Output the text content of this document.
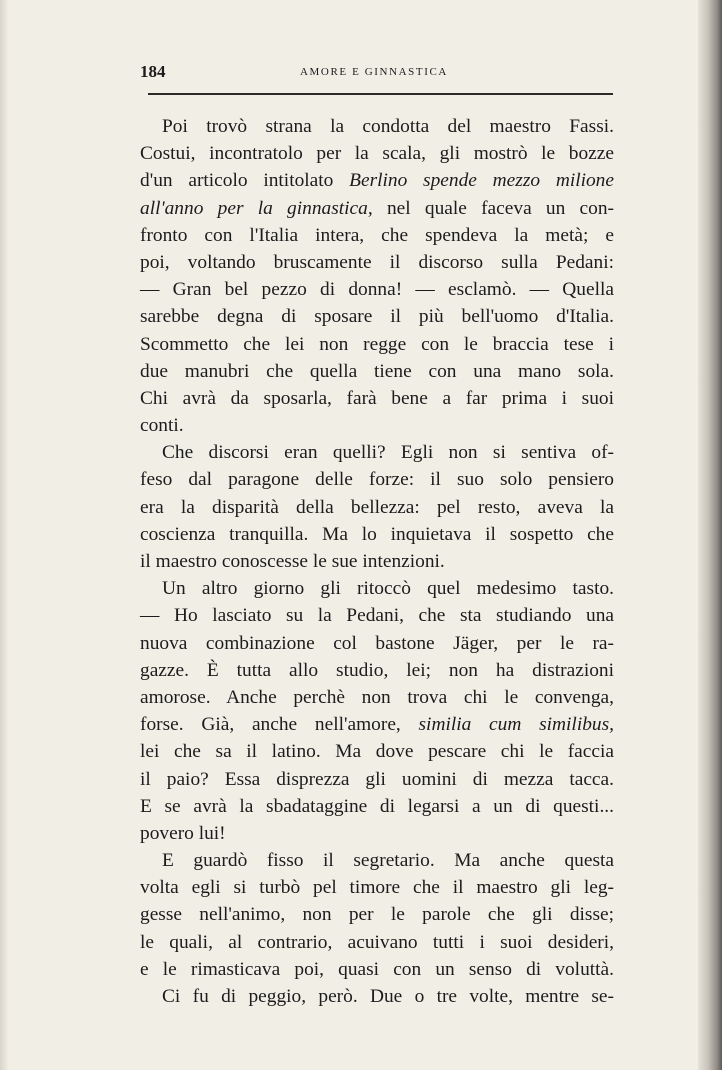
184	AMORE E GINNASTICA
Poi trovò strana la condotta del maestro Fassi.
Costui, incontratolo per la scala, gli mostrò le bozze
d'un articolo intitolato Berlino spende mezzo milione
all'anno per la ginnastica, nel quale faceva un con-
fronto con l'Italia intera, che spendeva la metà; e
poi, voltando bruscamente il discorso sulla Pedani:
— Gran bel pezzo di donna! — esclamò. — Quella
sarebbe degna di sposare il più bell'uomo d'Italia.
Scommetto che lei non regge con le braccia tese i
due manubri che quella tiene con una mano sola.
Chi avrà da sposarla, farà bene a far prima i suoi
conti.
Che discorsi eran quelli? Egli non si sentiva of-
feso dal paragone delle forze: il suo solo pensiero
era la disparità della bellezza: pel resto, aveva la
coscienza tranquilla. Ma lo inquietava il sospetto che
il maestro conoscesse le sue intenzioni.
Un altro giorno gli ritoccò quel medesimo tasto.
— Ho lasciato su la Pedani, che sta studiando una
nuova combinazione col bastone Jäger, per le ra-
gazze. È tutta allo studio, lei; non ha distrazioni
amorose. Anche perchè non trova chi le convenga,
forse. Già, anche nell'amore, similia cum similibus,
lei che sa il latino. Ma dove pescare chi le faccia
il paio? Essa disprezza gli uomini di mezza tacca.
E se avrà la sbadataggine di legarsi a un di questi...
povero lui!
E guardò fisso il segretario. Ma anche questa
volta egli si turbò pel timore che il maestro gli leg-
gesse nell'animo, non per le parole che gli disse;
le quali, al contrario, acuivano tutti i suoi desideri,
e le rimasticava poi, quasi con un senso di voluttà.
Ci fu di peggio, però. Due o tre volte, mentre se-
